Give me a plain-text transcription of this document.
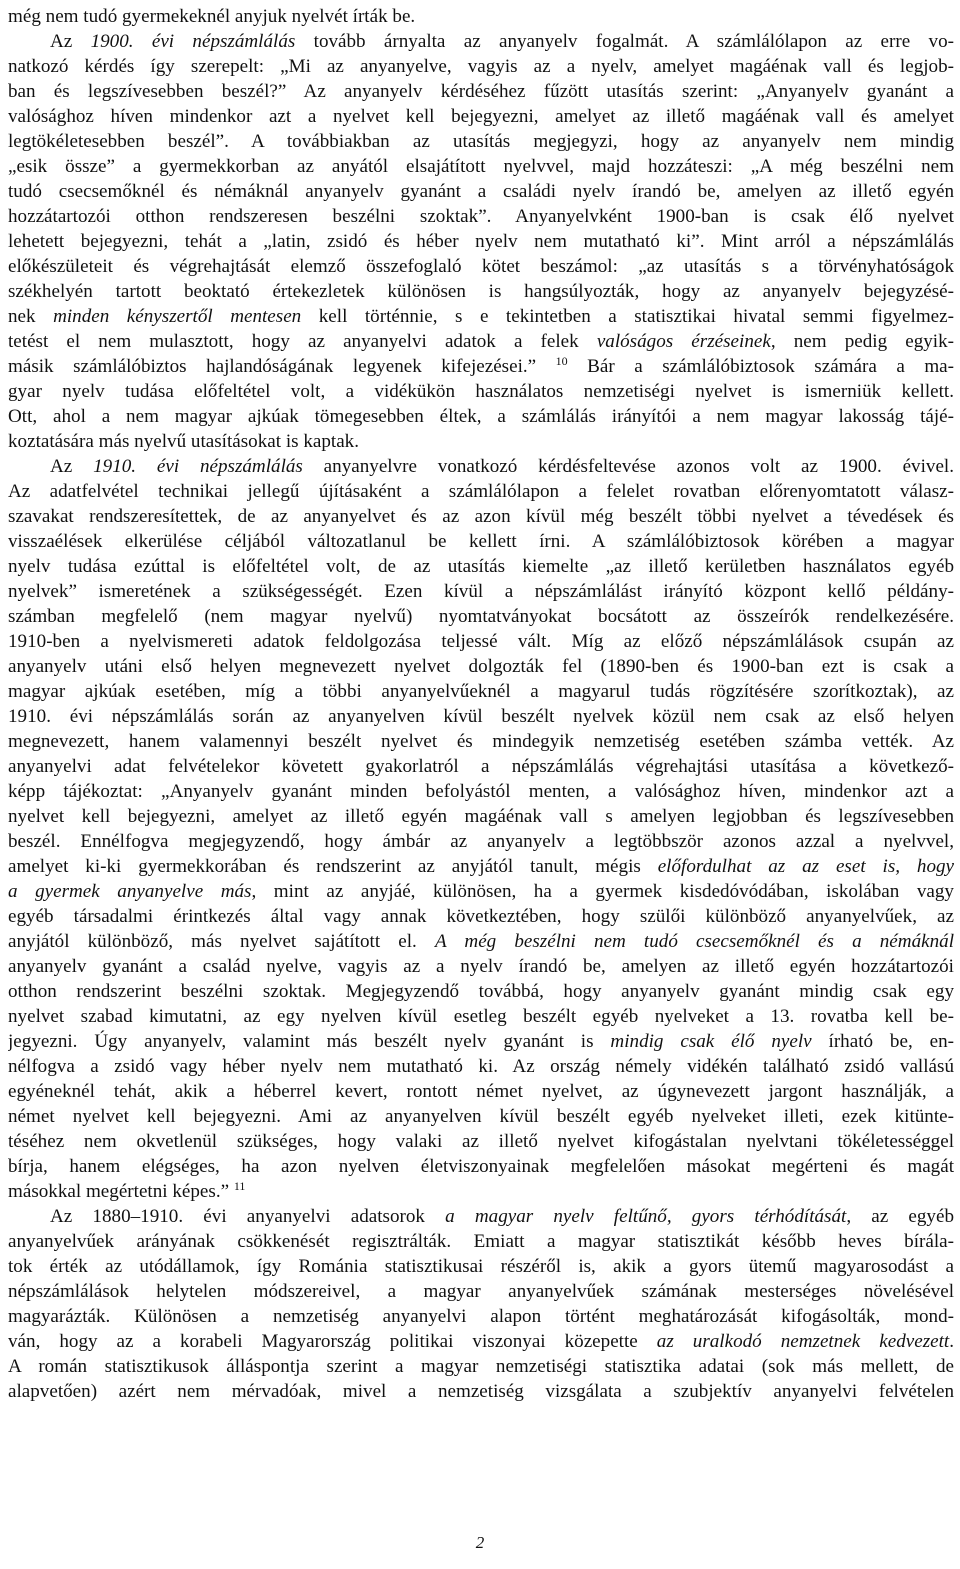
még nem tudó gyermekeknél anyjuk nyelvét írták be.
Az 1900. évi népszámlálás tovább árnyalta az anyanyelv fogalmát. A számlálólapon az erre vo-
natkozó kérdés így szerepelt: „Mi az anyanyelve, vagyis az a nyelv, amelyet magáénak vall és legjob-
ban és legszívesebben beszél?” Az anyanyelv kérdéséhez fűzött utasítás szerint: „Anyanyelv gyanánt a
valósághoz híven mindenkor azt a nyelvet kell bejegyezni, amelyet az illető magáénak vall és amelyet
legtökéletesebben beszél”. A továbbiakban az utasítás megjegyzi, hogy az anyanyelv nem mindig
„esik össze” a gyermekkorban az anyától elsajátított nyelvvel, majd hozzáteszi: „A még beszélni nem
tudó csecsemőknél és némáknál anyanyelv gyanánt a családi nyelv írandó be, amelyen az illető egyén
hozzátartozói otthon rendszeresen beszélni szoktak”. Anyanyelvként 1900-ban is csak élő nyelvet
lehetett bejegyezni, tehát a „latin, zsidó és héber nyelv nem mutatható ki”. Mint arról a népszámlálás
előkészületeit és végrehajtását elemző összefoglaló kötet beszámol: „az utasítás s a törvényhatóságok
székhelyén tartott beoktató értekezletek különösen is hangsúlyozták, hogy az anyanyelv bejegyzésé-
nek minden kényszertől mentesen kell történnie, s e tekintetben a statisztikai hivatal semmi figyelmez-
tetést el nem mulasztott, hogy az anyanyelvi adatok a felek valóságos érzéseinek, nem pedig egyik-
másik számlálóbiztos hajlandóságának legyenek kifejezései.” $^{10}$ Bár a számlálóbiztosok számára a ma-
gyar nyelv tudása előfeltétel volt, a vidékükön használatos nemzetiségi nyelvet is ismerniük kellett.
Ott, ahol a nem magyar ajkúak tömegesebben éltek, a számlálás irányítói a nem magyar lakosság tájé-
koztatására más nyelvű utasításokat is kaptak.
Az 1910. évi népszámlálás anyanyelvre vonatkozó kérdésfeltevése azonos volt az 1900. évivel.
Az adatfelvétel technikai jellegű újításaként a számlálólapon a felelet rovatban előrenyomtatott válasz-
szavakat rendszeresítettek, de az anyanyelvet és az azon kívül még beszélt többi nyelvet a tévedések és
visszaélések elkerülése céljából változatlanul be kellett írni. A számlálóbiztosok körében a magyar
nyelv tudása ezúttal is előfeltétel volt, de az utasítás kiemelte „az illető kerületben használatos egyéb
nyelvek” ismeretének a szükségességét. Ezen kívül a népszámlálást irányító központ kellő példány-
számban megfelelő (nem magyar nyelvű) nyomtatványokat bocsátott az összeírók rendelkezésére.
1910-ben a nyelvismereti adatok feldolgozása teljessé vált. Míg az előző népszámlálások csupán az
anyanyelv utáni első helyen megnevezett nyelvet dolgozták fel (1890-ben és 1900-ban ezt is csak a
magyar ajkúak esetében, míg a többi anyanyelvűeknél a magyarul tudás rögzítésére szorítkoztak), az
1910. évi népszámlálás során az anyanyelven kívül beszélt nyelvek közül nem csak az első helyen
megnevezett, hanem valamennyi beszélt nyelvet és mindegyik nemzetiség esetében számba vették. Az
anyanyelvi adat felvételekor követett gyakorlatról a népszámlálás végrehajtási utasítása a következő-
képp tájékoztat: „Anyanyelv gyanánt minden befolyástól menten, a valósághoz híven, mindenkor azt a
nyelvet kell bejegyezni, amelyet az illető egyén magáénak vall s amelyen legjobban és legszívesebben
beszél. Ennélfogva megjegyzendő, hogy ámbár az anyanyelv a legtöbbször azonos azzal a nyelvvel,
amelyet ki-ki gyermekkorában és rendszerint az anyjától tanult, mégis előfordulhat az az eset is, hogy
a gyermek anyanyelve más, mint az anyjáé, különösen, ha a gyermek kisdedóvódában, iskolában vagy
egyéb társadalmi érintkezés által vagy annak következtében, hogy szülői különböző anyanyelvűek, az
anyjától különböző, más nyelvet sajátított el. A még beszélni nem tudó csecsemőknél és a némáknál
anyanyelv gyanánt a család nyelve, vagyis az a nyelv írandó be, amelyen az illető egyén hozzátartozói
otthon rendszerint beszélni szoktak. Megjegyzendő továbbá, hogy anyanyelv gyanánt mindig csak egy
nyelvet szabad kimutatni, az egy nyelven kívül esetleg beszélt egyéb nyelveket a 13. rovatba kell be-
jegyezni. Úgy anyanyelv, valamint más beszélt nyelv gyanánt is mindig csak élő nyelv írható be, en-
nélfogva a zsidó vagy héber nyelv nem mutatható ki. Az ország némely vidékén található zsidó vallású
egyéneknél tehát, akik a héberrel kevert, rontott német nyelvet, az úgynevezett jargont használják, a
német nyelvet kell bejegyezni. Ami az anyanyelven kívül beszélt egyéb nyelveket illeti, ezek kitünte-
téséhez nem okvetlenül szükséges, hogy valaki az illető nyelvet kifogástalan nyelvtani tökéletességgel
bírja, hanem elégséges, ha azon nyelven életviszonyainak megfelelően másokat megérteni és magát
másokkal megértetni képes.” $^{11}$
Az 1880–1910. évi anyanyelvi adatsorok a magyar nyelv feltűnő, gyors térhódítását, az egyéb
anyanyelvűek arányának csökkenését regisztrálták. Emiatt a magyar statisztikát később heves bírála-
tok érték az utódállamok, így Románia statisztikusai részéről is, akik a gyors ütemű magyarosodást a
népszámlálások helytelen módszereivel, a magyar anyanyelvűek számának mesterséges növelésével
magyarázták. Különösen a nemzetiség anyanyelvi alapon történt meghatározását kifogásolták, mond-
ván, hogy az a korabeli Magyarország politikai viszonyai közepette az uralkodó nemzetnek kedvezett.
A román statisztikusok álláspontja szerint a magyar nemzetiségi statisztika adatai (sok más mellett, de
alapvetően) azért nem mérvadóak, mivel a nemzetiség vizsgálata a szubjektív anyanyelvi felvételen
2
